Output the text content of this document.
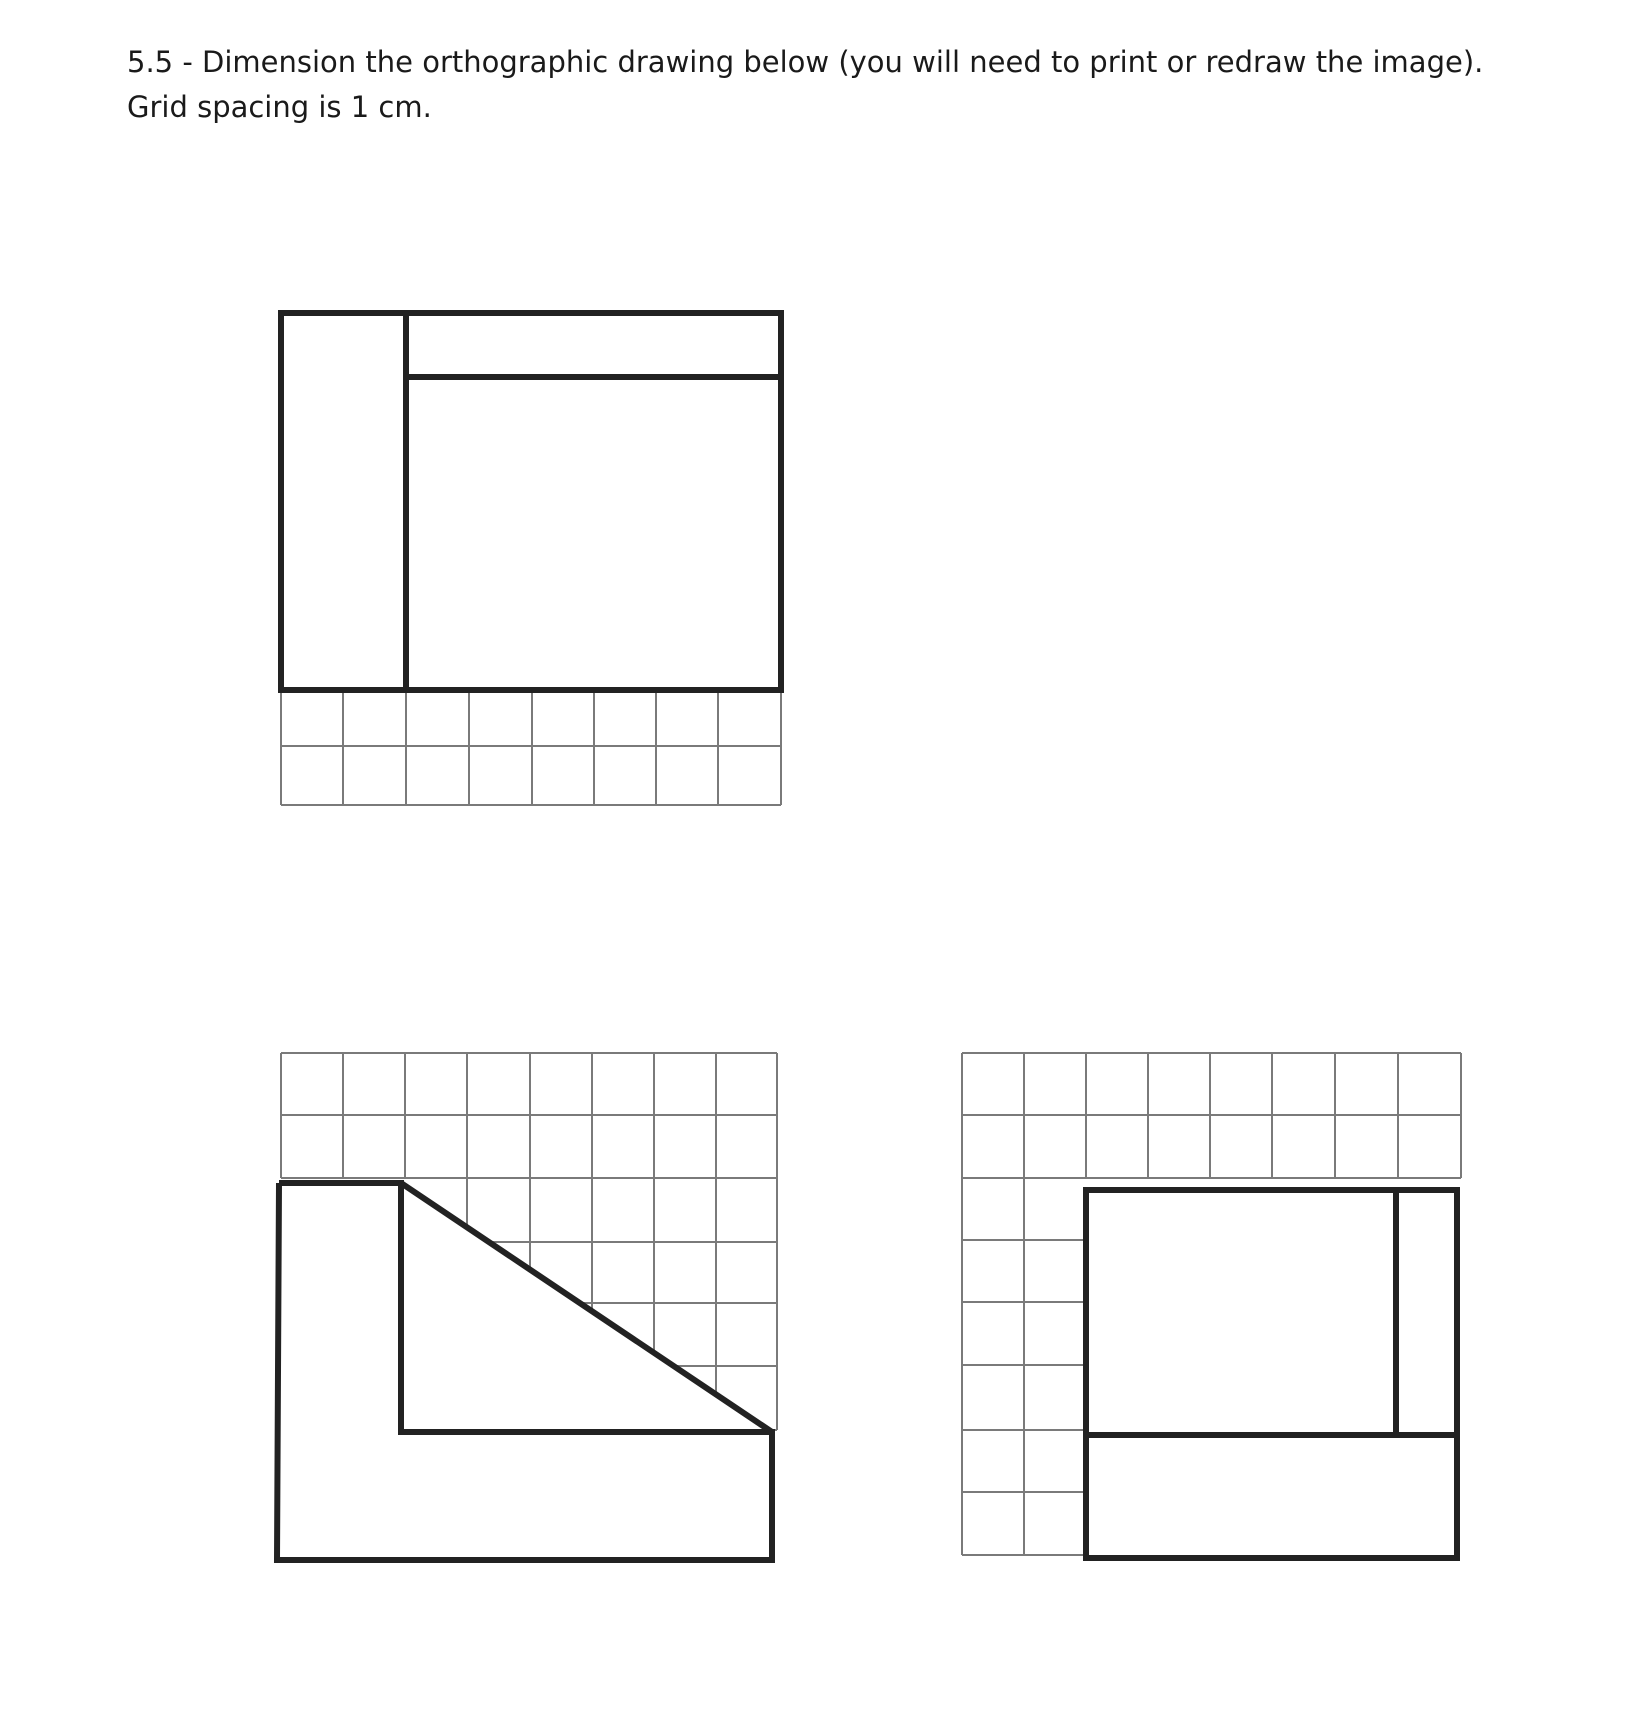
5.5 - Dimension the orthographic drawing below (you will need to print or redraw the image).
Grid spacing is 1 cm.
